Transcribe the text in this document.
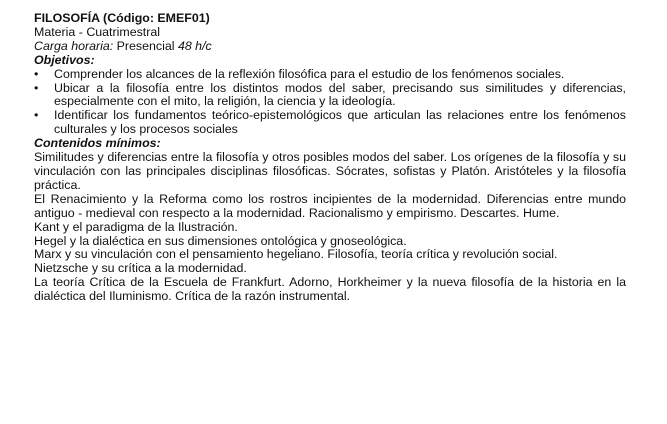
FILOSOFÍA (Código: EMEF01)
Materia - Cuatrimestral
Carga horaria: Presencial 48 h/c
Objetivos:
•	Comprender los alcances de la reflexión filosófica para el estudio de los fenómenos sociales.
•	Ubicar a la filosofía entre los distintos modos del saber, precisando sus similitudes y diferencias, especialmente con el mito, la religión, la ciencia y la ideología.
•	Identificar los fundamentos teórico-epistemológicos que articulan las relaciones entre los fenómenos culturales y los procesos sociales
Contenidos mínimos:
Similitudes y diferencias entre la filosofía y otros posibles modos del saber. Los orígenes de la filosofía y su vinculación con las principales disciplinas filosóficas. Sócrates, sofistas y Platón. Aristóteles y la filosofía práctica.
El Renacimiento y la Reforma como los rostros incipientes de la modernidad. Diferencias entre mundo antiguo - medieval con respecto a la modernidad. Racionalismo y empirismo. Descartes. Hume.
Kant y el paradigma de la Ilustración.
Hegel y la dialéctica en sus dimensiones ontológica y gnoseológica.
Marx y su vinculación con el pensamiento hegeliano. Filosofía, teoría crítica y revolución social.
Nietzsche y su crítica a la modernidad.
La teoría Crítica de la Escuela de Frankfurt. Adorno, Horkheimer y la nueva filosofía de la historia en la dialéctica del Iluminismo. Crítica de la razón instrumental.
